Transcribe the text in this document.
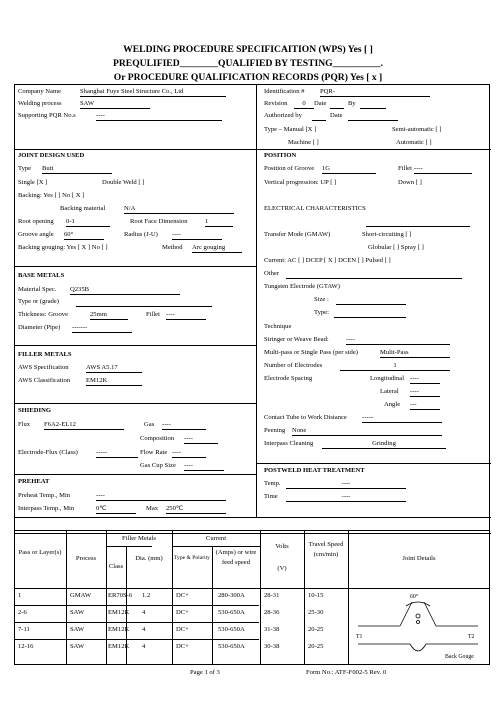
WELDING PROCEDURE SPECIFICAITION (WPS) Yes [ ]
PREQULIFIED________QUALIFIED BY TESTING__________.
Or PROCEDURE QUALIFICATION RECORDS (PQR) Yes [ x ]
Company Name	Shanghai Fuye Steel Structure Co., Ltd
Welding process	SAW
Supporting PQR No.s	----
JOINT DESIGN USED
Type Butt
Single [X ]	Double Weld [ ]
Backing: Yes [ ] No [ X ]
Backing material	N/A
Root opening 0-1	Root Face Dimension	1
Groove angle 60°	Radius (J-U) ----
Backing gouging: Yes [ X ] No [ ]	Method Arc gouging
BASE METALS
Material Spec. Q235B
Type or (grade)
Thickness: Groove	25mm	Fillet ----
Diameter (Pipe) -------
FILLER METALS
AWS Specification	AWS A5.17
AWS Classification EM12K
SHIEDING
Flux F6A2-EL12	Gas ----
Composition ----
Electrode-Flux (Class)	-----	Flow Rate ----
Gas Cup Size ----
PREHEAT
Preheat Temp., Min	----
Interpass Temp., Min	0℃	Max 250℃
Identification # PQR-
Revision	0	Date	By
Authorized by	Date
Type – Manual [X ]	Semi-automatic [ ]
Machine [ ]	Automatic [ ]
POSITION
Position of Groove 1G	Fillet ----
Vertical progression: UP [ ]	Down [ ]
ELECTRICAL CHARACTERISTICS
Transfer Mode (GMAW)	Short-circuiting [ ]
Globular [ ] Spray [ ]
Current: AC [ ] DCEP [ X ] DCEN [ ] Pulsed [ ]
Other
Tungsten Electrode (GTAW)
Size :
Type:
Technique
Stringer or Weave Bead:	----
Multi-pass or Single Pass (per side)	Mulit-Pass
Number of Electrodes	1
Electrode Spacing	Longitudinal ----
Lateral ----
Angle ---
Contact Tube to Work Distance -----
Peening None
Interpass Cleaning	Grinding
POSTWELD HEAT TREATMENT
Temp.	----
Time	----
Pass or Layer(s)
Process
Filler Metals
Class
Dia. (mm)
Current
Type & Polarity
(Amps) or wire feed speed
Volts
(V)
Travel Speed (cm/min)
Joint Details
1	GMAW	ER70S-6 1.2	DC+	280-300A	28-31	10-15
2-6	SAW	EM12K 4	DC+	530-650A	28-36	25-30
7-11	SAW	EM12K 4	DC+	530-650A	31-38	20-25
12-16	SAW	EM12K 4	DC+	530-650A	30-38	20-25
60°
T1	T2
Back Gouge
Page 1 of 3	Form No.: ATF-F002-5 Rev. 0
